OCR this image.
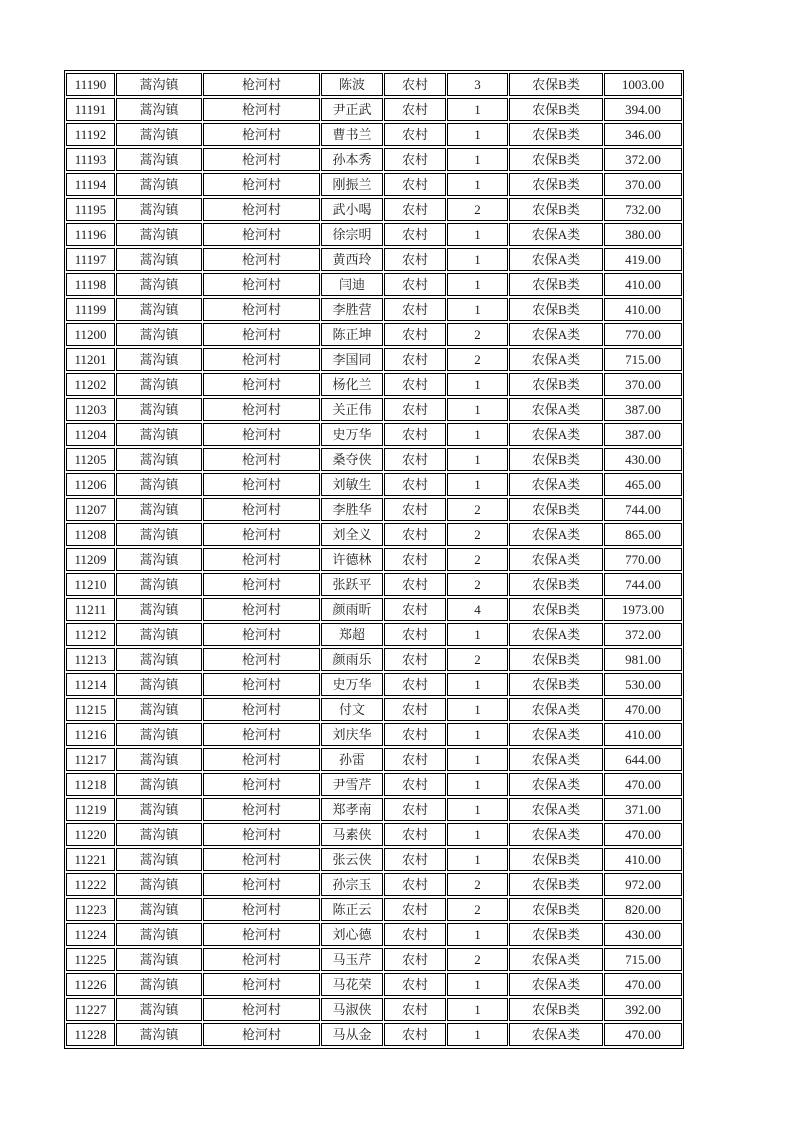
11190	蒿沟镇	枪河村	陈波	农村	3	农保B类	1003.00
11191	蒿沟镇	枪河村	尹正武	农村	1	农保B类	394.00
11192	蒿沟镇	枪河村	曹书兰	农村	1	农保B类	346.00
11193	蒿沟镇	枪河村	孙本秀	农村	1	农保B类	372.00
11194	蒿沟镇	枪河村	刚振兰	农村	1	农保B类	370.00
11195	蒿沟镇	枪河村	武小喝	农村	2	农保B类	732.00
11196	蒿沟镇	枪河村	徐宗明	农村	1	农保A类	380.00
11197	蒿沟镇	枪河村	黄西玲	农村	1	农保A类	419.00
11198	蒿沟镇	枪河村	闫迪	农村	1	农保B类	410.00
11199	蒿沟镇	枪河村	李胜营	农村	1	农保B类	410.00
11200	蒿沟镇	枪河村	陈正坤	农村	2	农保A类	770.00
11201	蒿沟镇	枪河村	李国同	农村	2	农保A类	715.00
11202	蒿沟镇	枪河村	杨化兰	农村	1	农保B类	370.00
11203	蒿沟镇	枪河村	关正伟	农村	1	农保A类	387.00
11204	蒿沟镇	枪河村	史万华	农村	1	农保A类	387.00
11205	蒿沟镇	枪河村	桑夺侠	农村	1	农保B类	430.00
11206	蒿沟镇	枪河村	刘敏生	农村	1	农保A类	465.00
11207	蒿沟镇	枪河村	李胜华	农村	2	农保B类	744.00
11208	蒿沟镇	枪河村	刘全义	农村	2	农保A类	865.00
11209	蒿沟镇	枪河村	许德林	农村	2	农保A类	770.00
11210	蒿沟镇	枪河村	张跃平	农村	2	农保B类	744.00
11211	蒿沟镇	枪河村	颜雨昕	农村	4	农保B类	1973.00
11212	蒿沟镇	枪河村	郑超	农村	1	农保A类	372.00
11213	蒿沟镇	枪河村	颜雨乐	农村	2	农保B类	981.00
11214	蒿沟镇	枪河村	史万华	农村	1	农保B类	530.00
11215	蒿沟镇	枪河村	付文	农村	1	农保A类	470.00
11216	蒿沟镇	枪河村	刘庆华	农村	1	农保A类	410.00
11217	蒿沟镇	枪河村	孙雷	农村	1	农保A类	644.00
11218	蒿沟镇	枪河村	尹雪芹	农村	1	农保A类	470.00
11219	蒿沟镇	枪河村	郑孝南	农村	1	农保A类	371.00
11220	蒿沟镇	枪河村	马素侠	农村	1	农保A类	470.00
11221	蒿沟镇	枪河村	张云侠	农村	1	农保B类	410.00
11222	蒿沟镇	枪河村	孙宗玉	农村	2	农保B类	972.00
11223	蒿沟镇	枪河村	陈正云	农村	2	农保B类	820.00
11224	蒿沟镇	枪河村	刘心德	农村	1	农保B类	430.00
11225	蒿沟镇	枪河村	马玉芹	农村	2	农保A类	715.00
11226	蒿沟镇	枪河村	马花荣	农村	1	农保A类	470.00
11227	蒿沟镇	枪河村	马淑侠	农村	1	农保B类	392.00
11228	蒿沟镇	枪河村	马从金	农村	1	农保A类	470.00
